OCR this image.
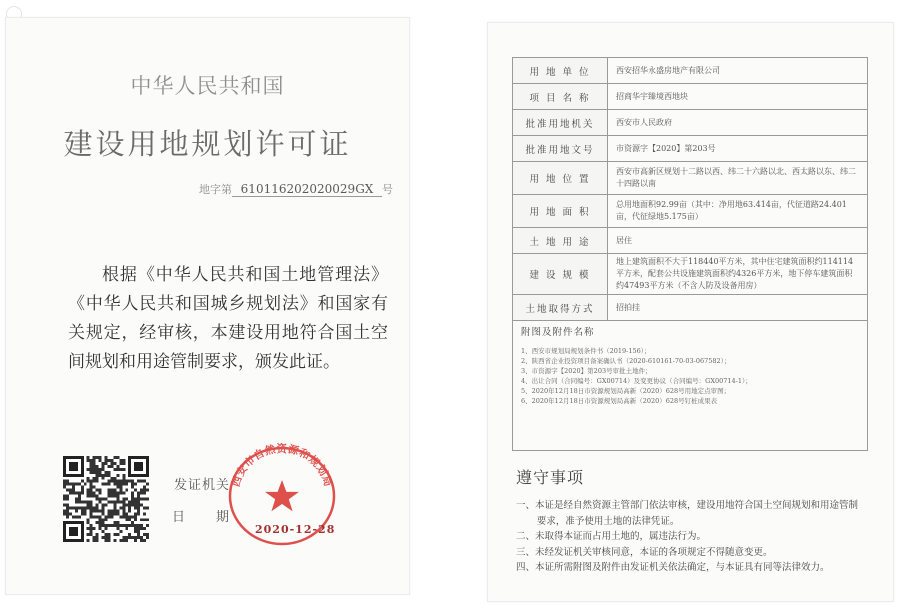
中华人民共和国
建设用地规划许可证
地字第 610116202020029GX 号
根据《中华人民共和国土地管理法》《中华人民共和国城乡规划法》和国家有关规定，经审核，本建设用地符合国土空间规划和用途管制要求，颁发此证。
发证机关
日 期
西安市自然资源和规划局
2020-12-28
用 地 单 位	西安招华永盛房地产有限公司
项 目 名 称	招商华宇臻境西地块
批准用地机关	西安市人民政府
批准用地文号	市资源字【2020】第203号
用 地 位 置	西安市高新区规划十二路以西、纬二十六路以北、西太路以东、纬二十四路以南
用 地 面 积	总用地面积92.99亩（其中：净用地63.414亩，代征道路24.401亩，代征绿地5.175亩）
土 地 用 途	居住
建 设 规 模	地上建筑面积不大于118440平方米，其中住宅建筑面积约114114平方米，配套公共设施建筑面积约4326平方米，地下停车建筑面积约47493平方米（不含人防及设备用房）
土地取得方式	招拍挂
附图及附件名称
1、西安市规划局规划条件书（2019-156）；
2、陕西省企业投资项目备案确认书（2020-610161-70-03-067582）；
3、市资源字【2020】第203号审批土地件；
4、出让合同（合同编号：GX00714）及变更协议（合同编号：GX00714-1）；
5、2020年12月18日市资源规划局高新（2020）628号用地定点审图；
6、2020年12月18日市资源规划局高新（2020）628号钉桩成果表
遵守事项
一、本证是经自然资源主管部门依法审核，建设用地符合国土空间规划和用途管制要求，准予使用土地的法律凭证。
二、未取得本证而占用土地的，属违法行为。
三、未经发证机关审核同意，本证的各项规定不得随意变更。
四、本证所需附图及附件由发证机关依法确定，与本证具有同等法律效力。
